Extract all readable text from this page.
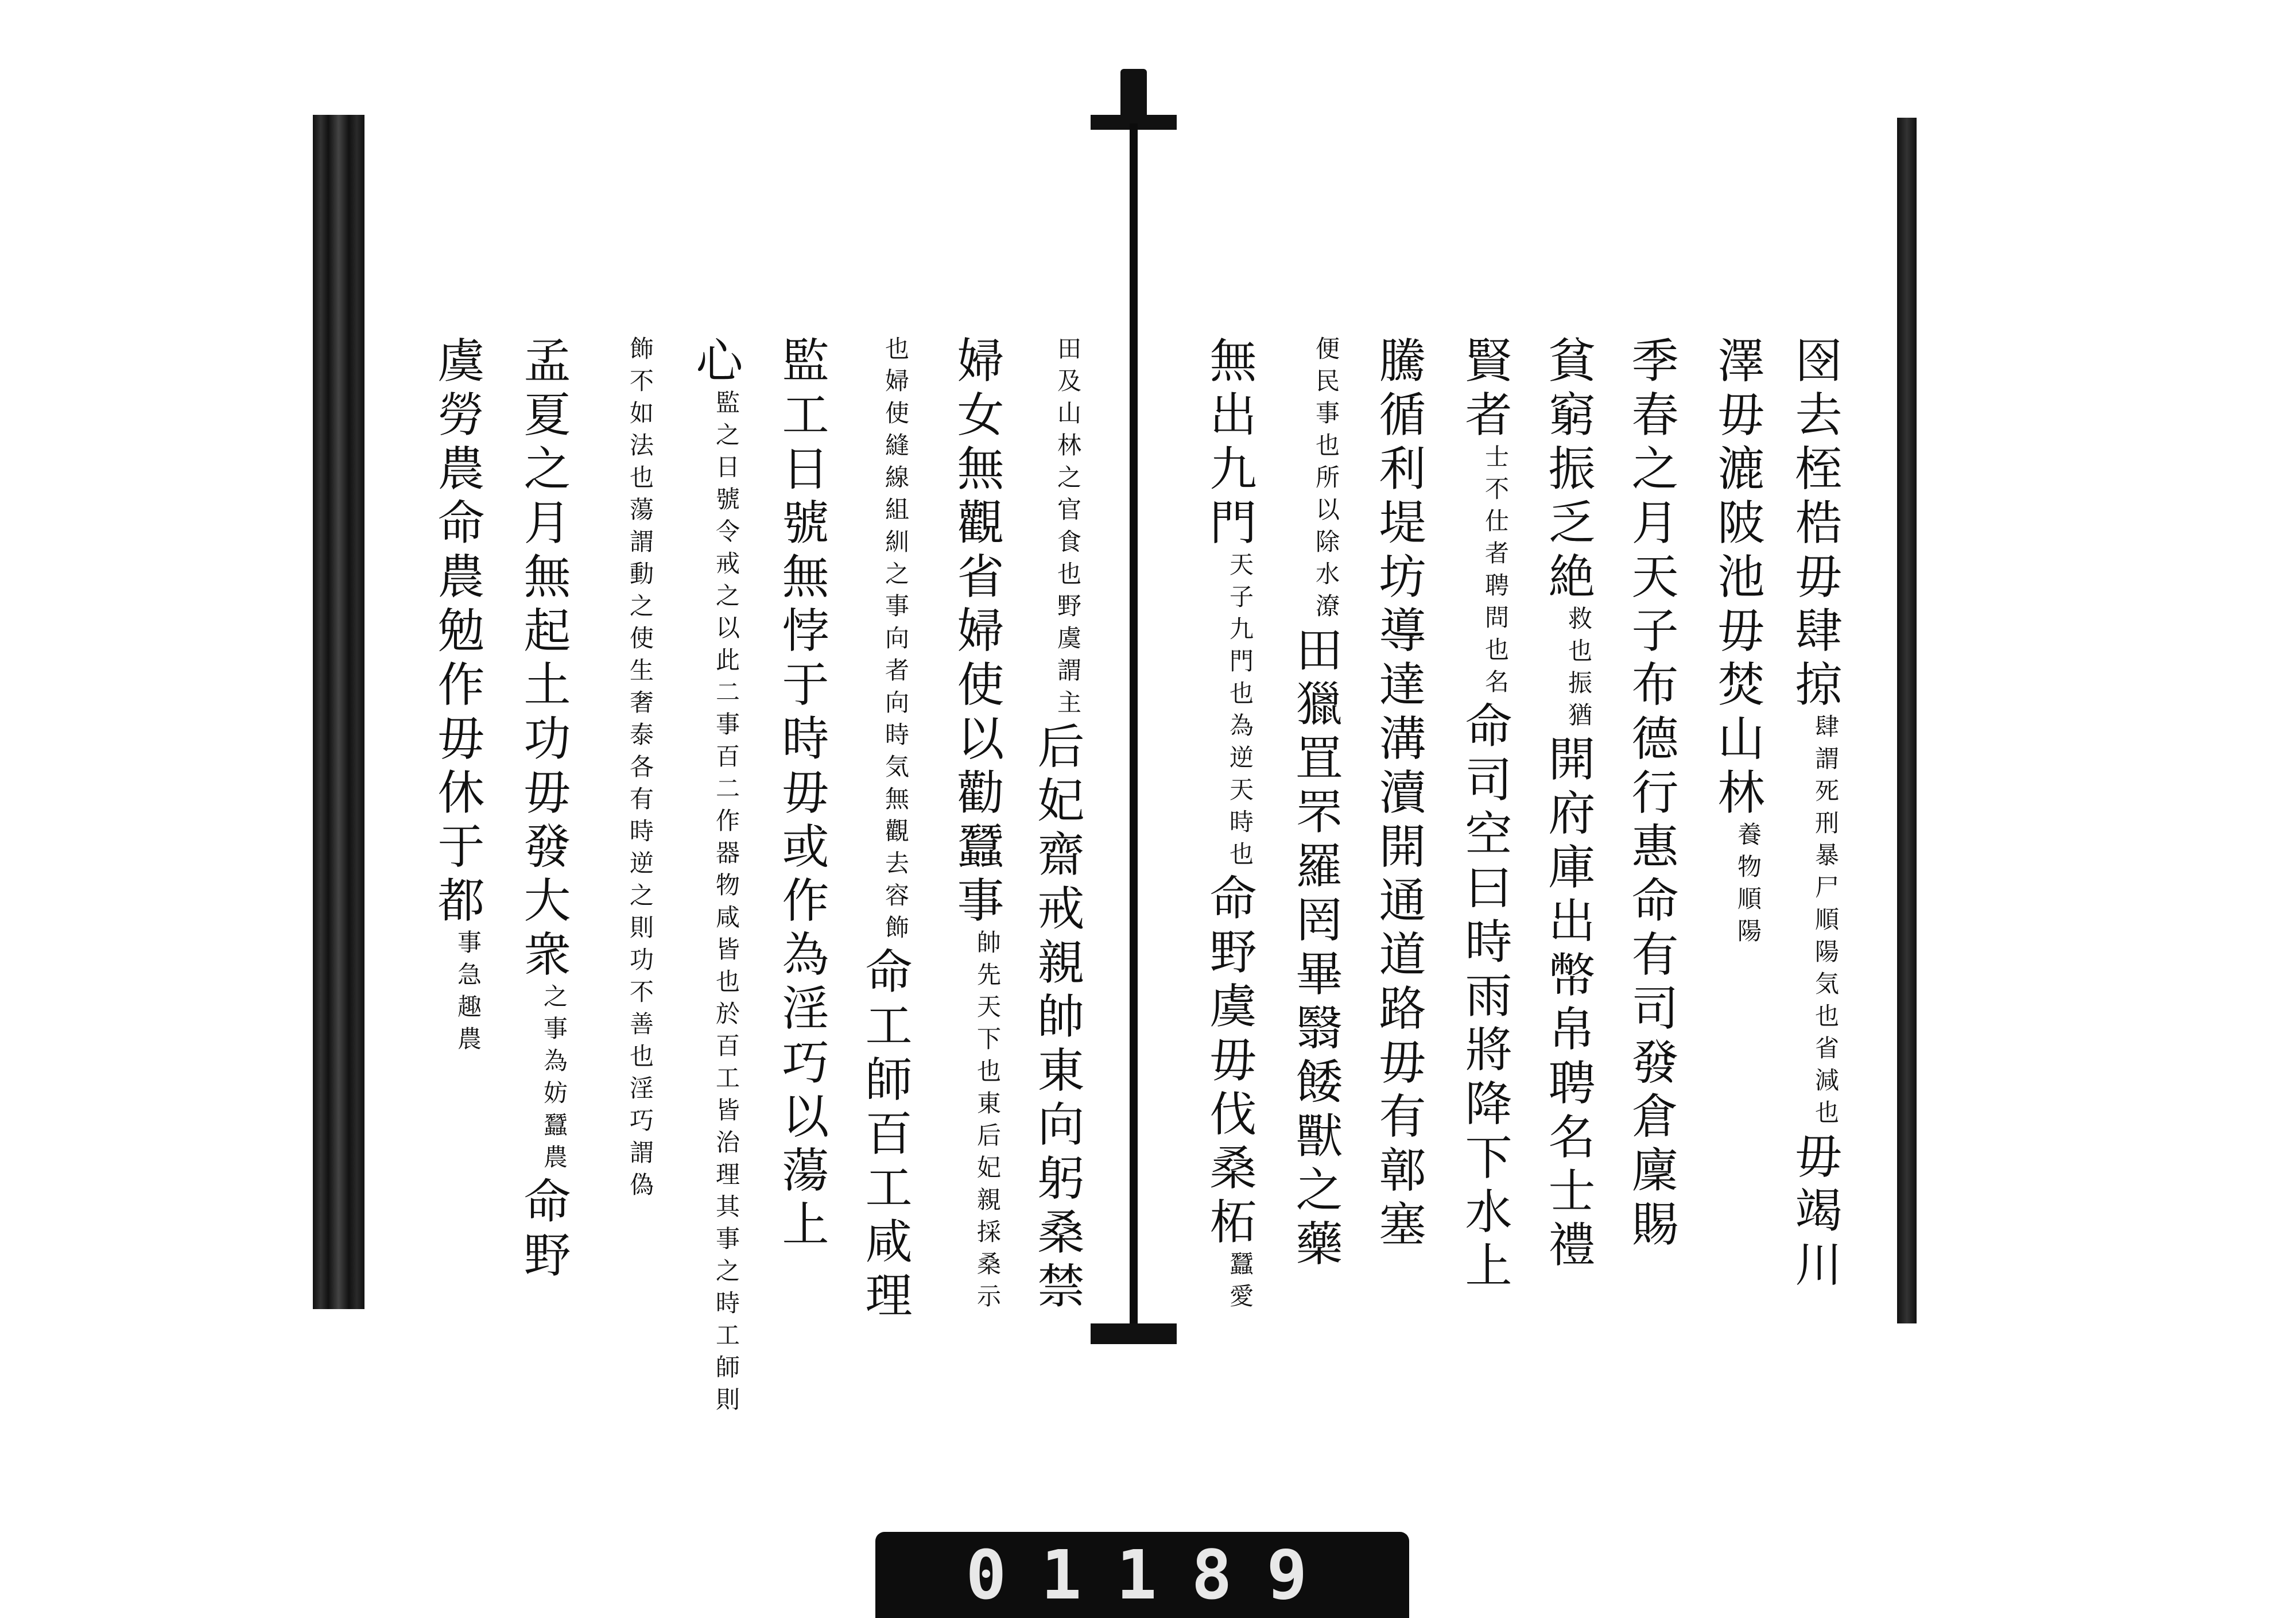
囹去桎梏毋肆掠
順陽気也省減也
肆謂死刑暴尸
毋竭川
澤毋漉陂池毋焚山林
順陽
養物
季春之月天子布德行惠命有司發倉廩賜
貧窮振乏絶
振猶
救也
開府庫出幣帛聘名士禮
賢者
聘問也名
士不仕者
命司空曰時雨將降下水上
騰循利堤坊導達溝瀆開通道路毋有鄣塞
所以除水潦
便民事也
田獵罝罘羅罔畢翳餧獸之藥
無出九門
為逆天時也
天子九門也
命野虞毋伐桑柘
愛
蠶
食也野虞謂主
田及山林之官
后妃齋戒親帥東向躬桑禁
婦女無觀省婦使以勸蠶事
后妃親採桑示
帥先天下也東
向者向時気無觀去容飾
也婦使縫線組紃之事
命工師百工咸理
監工日號無悖于時毋或作為淫巧以蕩上
心
咸皆也於百工皆治理其事之時工師則
監之日號令戒之以此二事百二作器物
各有時逆之則功不善也淫巧謂偽
飾不如法也蕩謂動之使生奢泰
孟夏之月無起土功毋發大衆
為妨蠶農
之事
命野
虞勞農命農勉作毋休于都
急趣農
事
01189
